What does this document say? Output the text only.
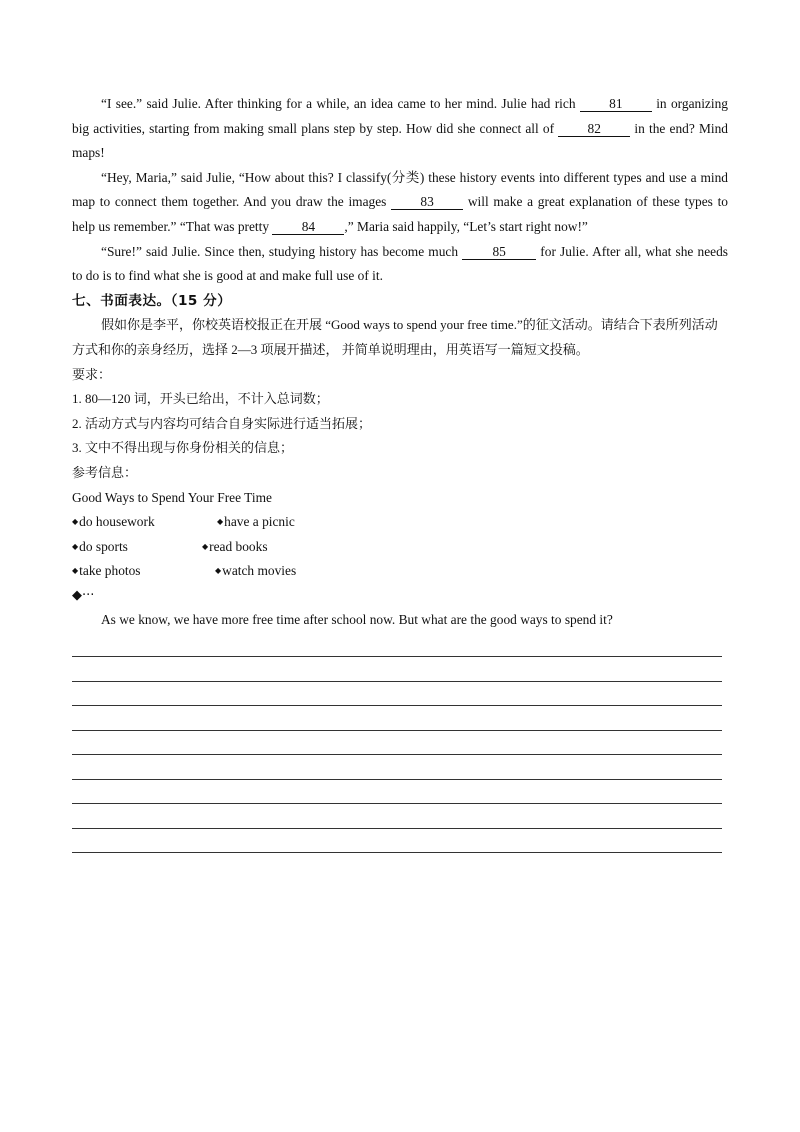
“I see.” said Julie. After thinking for a while, an idea came to her mind. Julie had rich 81 in organizing big activities, starting from making small plans step by step. How did she connect all of 82 in the end? Mind maps!

“Hey, Maria,” said Julie, “How about this? I classify(分类) these history events into different types and use a mind map to connect them together. And you draw the images 83 will make a great explanation of these types to help us remember.” “That was pretty 84 ,” Maria said happily, “Let’s start right now!”

“Sure!” said Julie. Since then, studying history has become much 85 for Julie. After all, what she needs to do is to find what she is good at and make full use of it.

七、书面表达。（15 分）

假如你是李平，你校英语校报正在开展 “Good ways to spend your free time.”的征文活动。请结合下表所列活动方式和你的亲身经历，选择 2—3 项展开描述， 并简单说明理由，用英语写一篇短文投稿。

要求：

1. 80—120 词，开头已给出，不计入总词数；

2. 活动方式与内容均可结合自身实际进行适当拓展；

3. 文中不得出现与你身份相关的信息；

参考信息：

Good Ways to Spend Your Free Time

◆do housework	◆have a picnic
◆do sports	◆read books
◆take photos	◆watch movies

◆···

As we know, we have more free time after school now. But what are the good ways to spend it?
